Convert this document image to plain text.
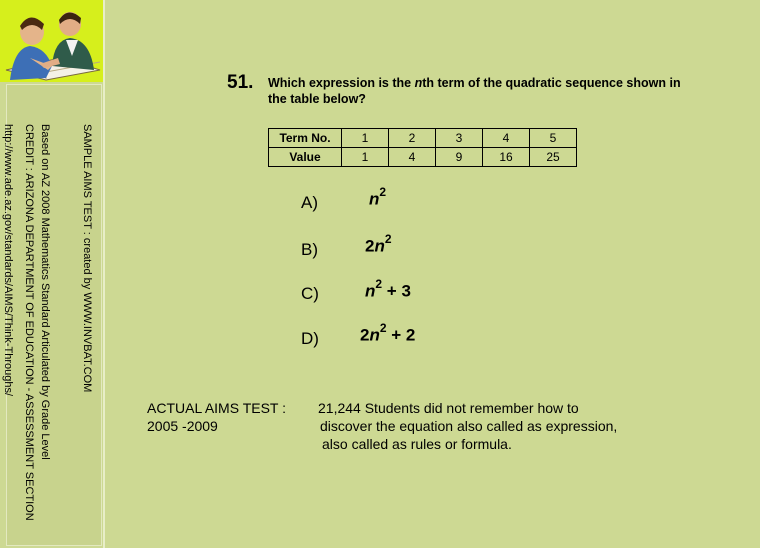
SAMPLE AIMS TEST : created by WWW.INVBAT.COM
Based on AZ 2008 Mathematics Standard Articulated by Grade Level
CREDIT : ARIZONA DEPARTMENT OF EDUCATION - ASSESSMENT SECTION
http://www.ade.az.gov/standards/AIMS/Think-Throughs/
51. Which expression is the nth term of the quadratic sequence shown in the table below?
Term No.	1	2	3	4	5
Value	1	4	9	16	25
A)	$n^2$
B)	$2n^2$
C)	$n^2 + 3$
D) $2n^2 + 2$
ACTUAL AIMS TEST :
2005 -2009
21,244 Students did not remember how to
discover the equation also called as expression,
also called as rules or formula.
